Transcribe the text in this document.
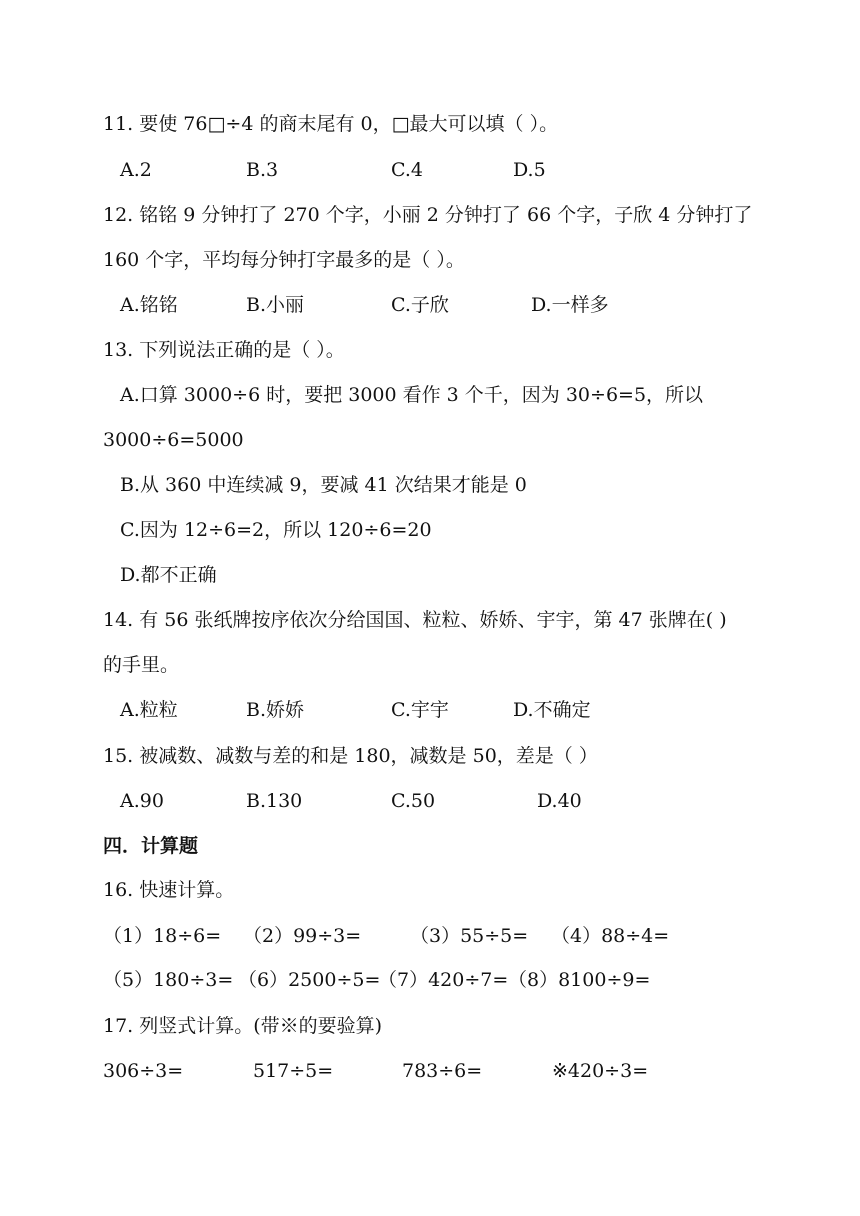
11. 要使 76□÷4 的商末尾有 0，□最大可以填（ ）。
A.2	B.3	C.4	D.5
12. 铭铭 9 分钟打了 270 个字，小丽 2 分钟打了 66 个字，子欣 4 分钟打了
160 个字，平均每分钟打字最多的是（ ）。
A.铭铭	B.小丽	C.子欣	D.一样多
13. 下列说法正确的是（ ）。
A.口算 3000÷6 时，要把 3000 看作 3 个千，因为 30÷6=5，所以
3000÷6=5000
B.从 360 中连续减 9，要减 41 次结果才能是 0
C.因为 12÷6=2，所以 120÷6=20
D.都不正确
14. 有 56 张纸牌按序依次分给国国、粒粒、娇娇、宇宇，第 47 张牌在( )
的手里。
A.粒粒	B.娇娇	C.宇宇	D.不确定
15. 被减数、减数与差的和是 180，减数是 50，差是（ ）
A.90	B.130	C.50	D.40
四．计算题
16. 快速计算。
（1）18÷6= （2）99÷3=	（3）55÷5= （4）88÷4=
（5）180÷3= （6）2500÷5=
（7）420÷7= （8）8100÷9=
17. 列竖式计算。(带※的要验算)
306÷3=	517÷5=	783÷6=	※420÷3=
